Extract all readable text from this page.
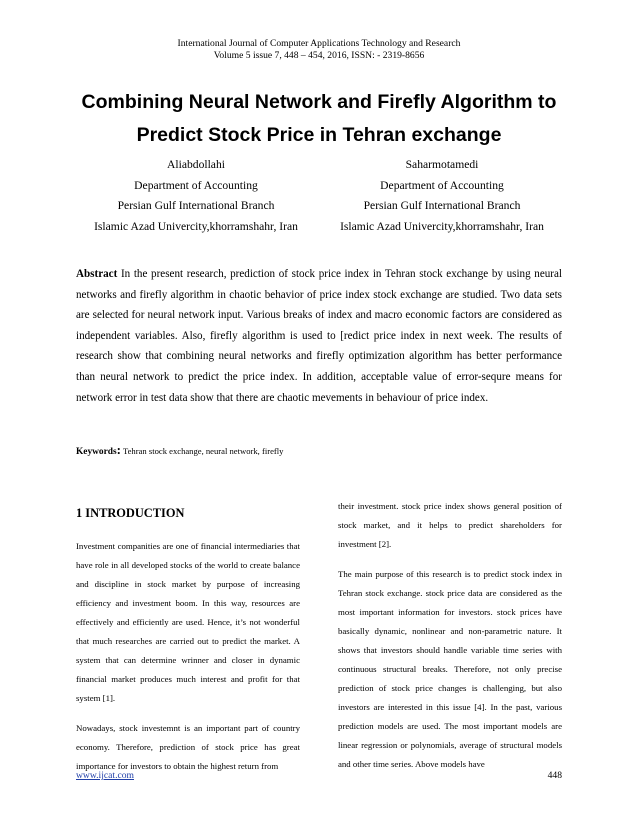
International Journal of Computer Applications Technology and Research
Volume 5 issue 7, 448 – 454, 2016, ISSN: - 2319-8656
Combining Neural Network and Firefly Algorithm to
Predict Stock Price in Tehran exchange
Aliabdollahi
Department of Accounting
Persian Gulf International Branch
Islamic Azad Univercity,khorramshahr, Iran
Saharmotamedi
Department of Accounting
Persian Gulf International Branch
Islamic Azad Univercity,khorramshahr, Iran
Abstract In the present research, prediction of stock price index in Tehran stock exchange by using neural networks and firefly algorithm in chaotic behavior of price index stock exchange are studied. Two data sets are selected for neural network input. Various breaks of index and macro economic factors are considered as independent variables. Also, firefly algorithm is used to [redict price index in next week. The results of research show that combining neural networks and firefly optimization algorithm has better performance than neural network to predict the price index. In addition, acceptable value of error-sequre means for network error in test data show that there are chaotic mevements in behaviour of price index.
Keywords: Tehran stock exchange, neural network, firefly
1 INTRODUCTION

Investment companities are one of financial intermediaries that have role in all developed stocks of the world to create balance and discipline in stock market by purpose of increasing efficiency and investment boom. In this way, resources are effectively and efficiently are used. Hence, it’s not wonderful that much researches are carried out to predict the market. A system that can determine wrinner and closer in dynamic financial market produces much interest and profit for that system [1].

Nowadays, stock investemnt is an important part of country economy. Therefore, prediction of stock price has great importance for investors to obtain the highest return from

their investment. stock price index shows general position of stock market, and it helps to predict shareholders for investment [2].

The main purpose of this research is to predict stock index in Tehran stock exchange. stock price data are considered as the most important information for investors. stock prices have basically dynamic, nonlinear and non-parametric nature. It shows that investors should handle variable time series with continuous structural breaks. Therefore, not only precise prediction of stock price changes is challenging, but also investors are interested in this issue [4]. In the past, various prediction models are used. The most important models are linear regression or polynomials, average of structural models and other time series. Above models have

www.ijcat.com	448
